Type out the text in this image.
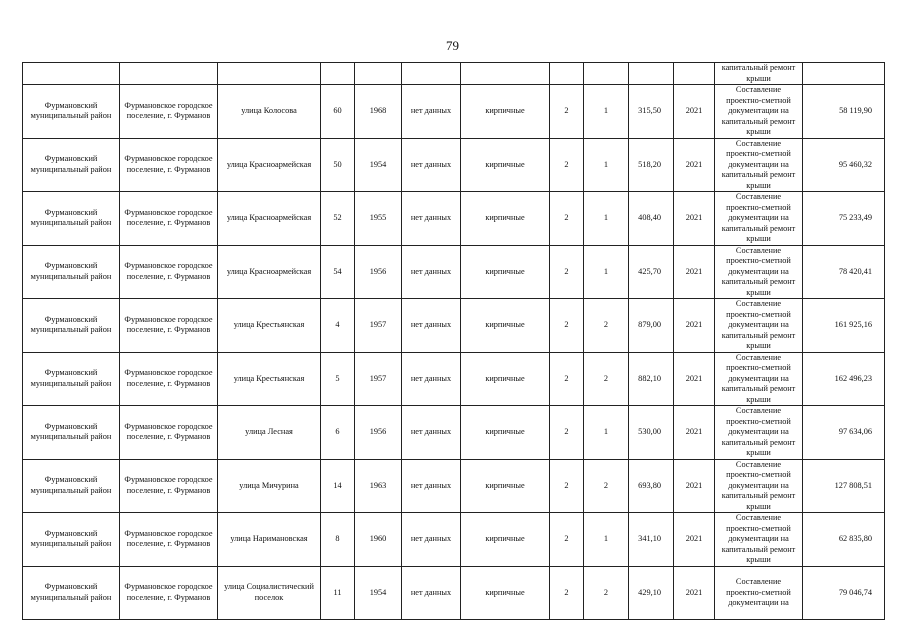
79
											капитальный ремонт крыши	
Фурмановский муниципальный район	Фурмановское городское поселение, г. Фурманов	улица Колосова	60	1968	нет данных	кирпичные	2	1	315,50	2021	Составление проектно-сметной документации на капитальный ремонт крыши	58 119,90
Фурмановский муниципальный район	Фурмановское городское поселение, г. Фурманов	улица Красноармейская	50	1954	нет данных	кирпичные	2	1	518,20	2021	Составление проектно-сметной документации на капитальный ремонт крыши	95 460,32
Фурмановский муниципальный район	Фурмановское городское поселение, г. Фурманов	улица Красноармейская	52	1955	нет данных	кирпичные	2	1	408,40	2021	Составление проектно-сметной документации на капитальный ремонт крыши	75 233,49
Фурмановский муниципальный район	Фурмановское городское поселение, г. Фурманов	улица Красноармейская	54	1956	нет данных	кирпичные	2	1	425,70	2021	Составление проектно-сметной документации на капитальный ремонт крыши	78 420,41
Фурмановский муниципальный район	Фурмановское городское поселение, г. Фурманов	улица Крестьянская	4	1957	нет данных	кирпичные	2	2	879,00	2021	Составление проектно-сметной документации на капитальный ремонт крыши	161 925,16
Фурмановский муниципальный район	Фурмановское городское поселение, г. Фурманов	улица Крестьянская	5	1957	нет данных	кирпичные	2	2	882,10	2021	Составление проектно-сметной документации на капитальный ремонт крыши	162 496,23
Фурмановский муниципальный район	Фурмановское городское поселение, г. Фурманов	улица Лесная	6	1956	нет данных	кирпичные	2	1	530,00	2021	Составление проектно-сметной документации на капитальный ремонт крыши	97 634,06
Фурмановский муниципальный район	Фурмановское городское поселение, г. Фурманов	улица Мичурина	14	1963	нет данных	кирпичные	2	2	693,80	2021	Составление проектно-сметной документации на капитальный ремонт крыши	127 808,51
Фурмановский муниципальный район	Фурмановское городское поселение, г. Фурманов	улица Наримановская	8	1960	нет данных	кирпичные	2	1	341,10	2021	Составление проектно-сметной документации на капитальный ремонт крыши	62 835,80
Фурмановский муниципальный район	Фурмановское городское поселение, г. Фурманов	улица Социалистический поселок	11	1954	нет данных	кирпичные	2	2	429,10	2021	Составление проектно-сметной документации на	79 046,74
